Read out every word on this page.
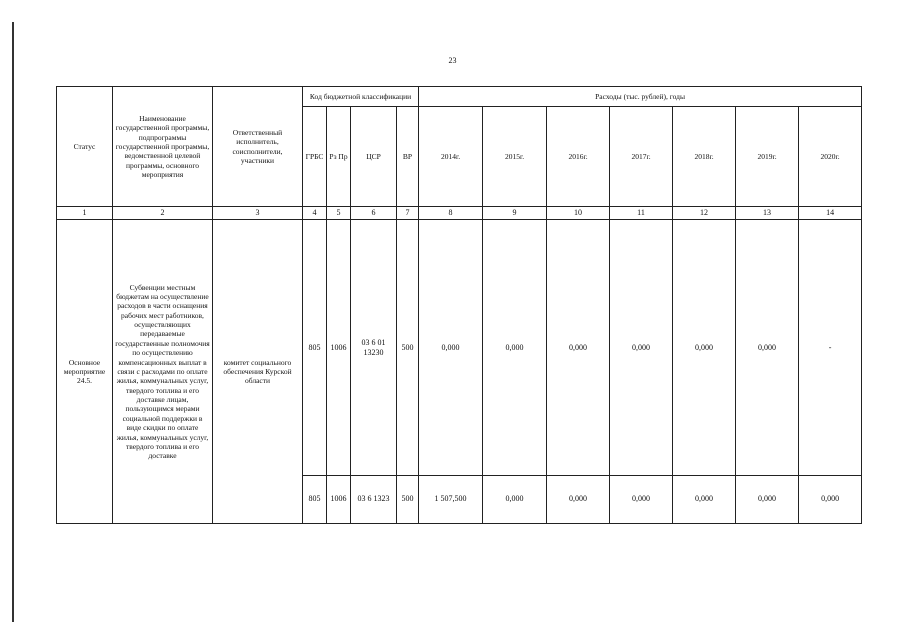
23
Статус	Наименование государственной программы, подпрограммы государственной программы, ведомственной целевой программы, основного мероприятия	Ответственный исполнитель, соисполнители, участники	Код бюджетной классификации				Расходы (тыс. рублей), годы						
			ГРБС	Рз Пр	ЦСР	ВР	2014г.	2015г.	2016г.	2017г.	2018г.	2019г.	2020г.
1	2	3	4	5	6	7	8	9	10	11	12	13	14
Основное мероприятие 24.5.	Субвенции местным бюджетам на осуществление расходов в части оснащения рабочих мест работников, осуществляющих передаваемые государственные полномочия по осуществлению компенсационных выплат в связи с расходами по оплате жилья, коммунальных услуг, твердого топлива и его доставке лицам, пользующимся мерами социальной поддержки в виде скидки по оплате жилья, коммунальных услуг, твердого топлива и его доставке	комитет социального обеспечения Курской области	805	1006	03 6 01 13230	500	0,000	0,000	0,000	0,000	0,000	0,000	-
			805	1006	03 6 1323	500	1 507,500	0,000	0,000	0,000	0,000	0,000	0,000
